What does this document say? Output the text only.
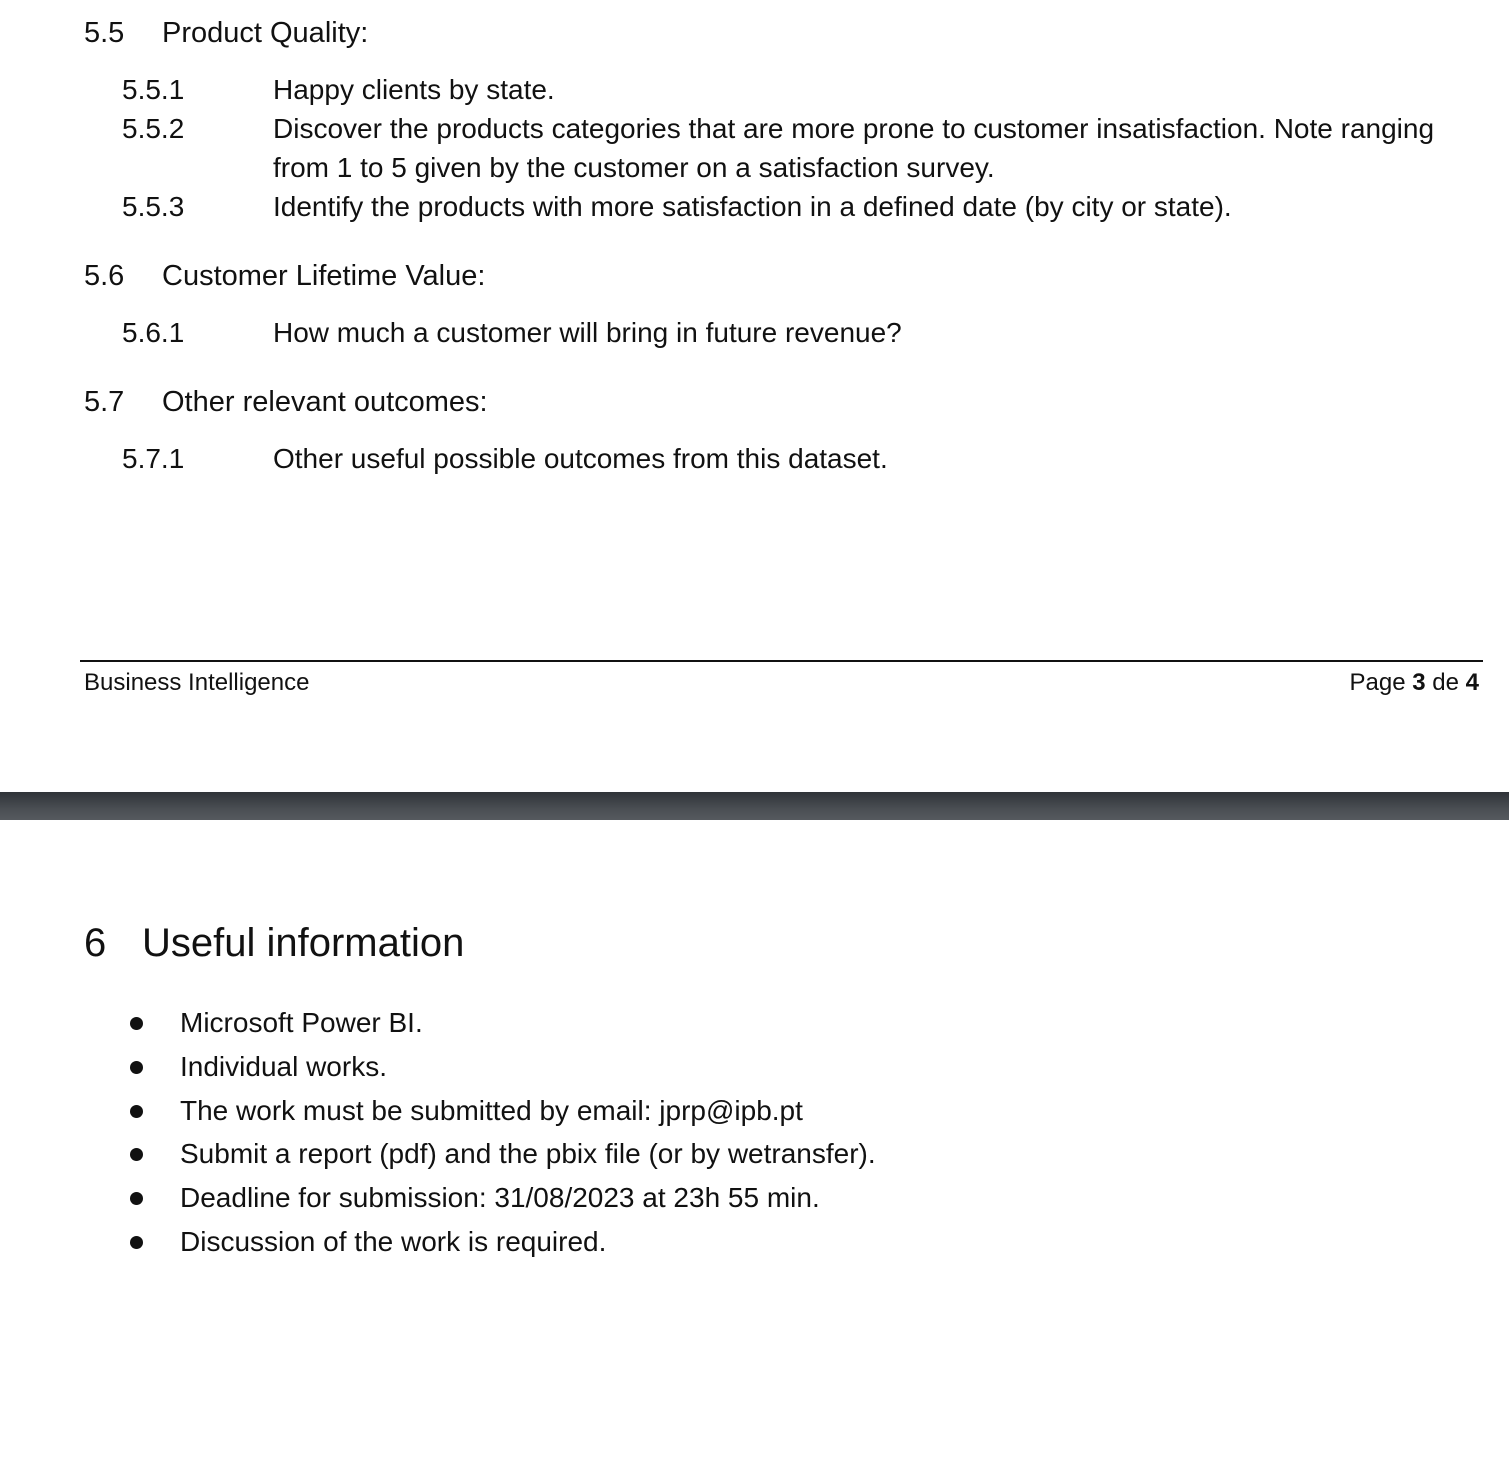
5.5 Product Quality:
5.5.1	Happy clients by state.
5.5.2	Discover the products categories that are more prone to customer insatisfaction. Note ranging from 1 to 5 given by the customer on a satisfaction survey.
5.5.3	Identify the products with more satisfaction in a defined date (by city or state).
5.6 Customer Lifetime Value:
5.6.1	How much a customer will bring in future revenue?
5.7 Other relevant outcomes:
5.7.1	Other useful possible outcomes from this dataset.
Business Intelligence	Page 3 de 4
6 Useful information
Microsoft Power BI.
Individual works.
The work must be submitted by email: jprp@ipb.pt
Submit a report (pdf) and the pbix file (or by wetransfer).
Deadline for submission: 31/08/2023 at 23h 55 min.
Discussion of the work is required.
